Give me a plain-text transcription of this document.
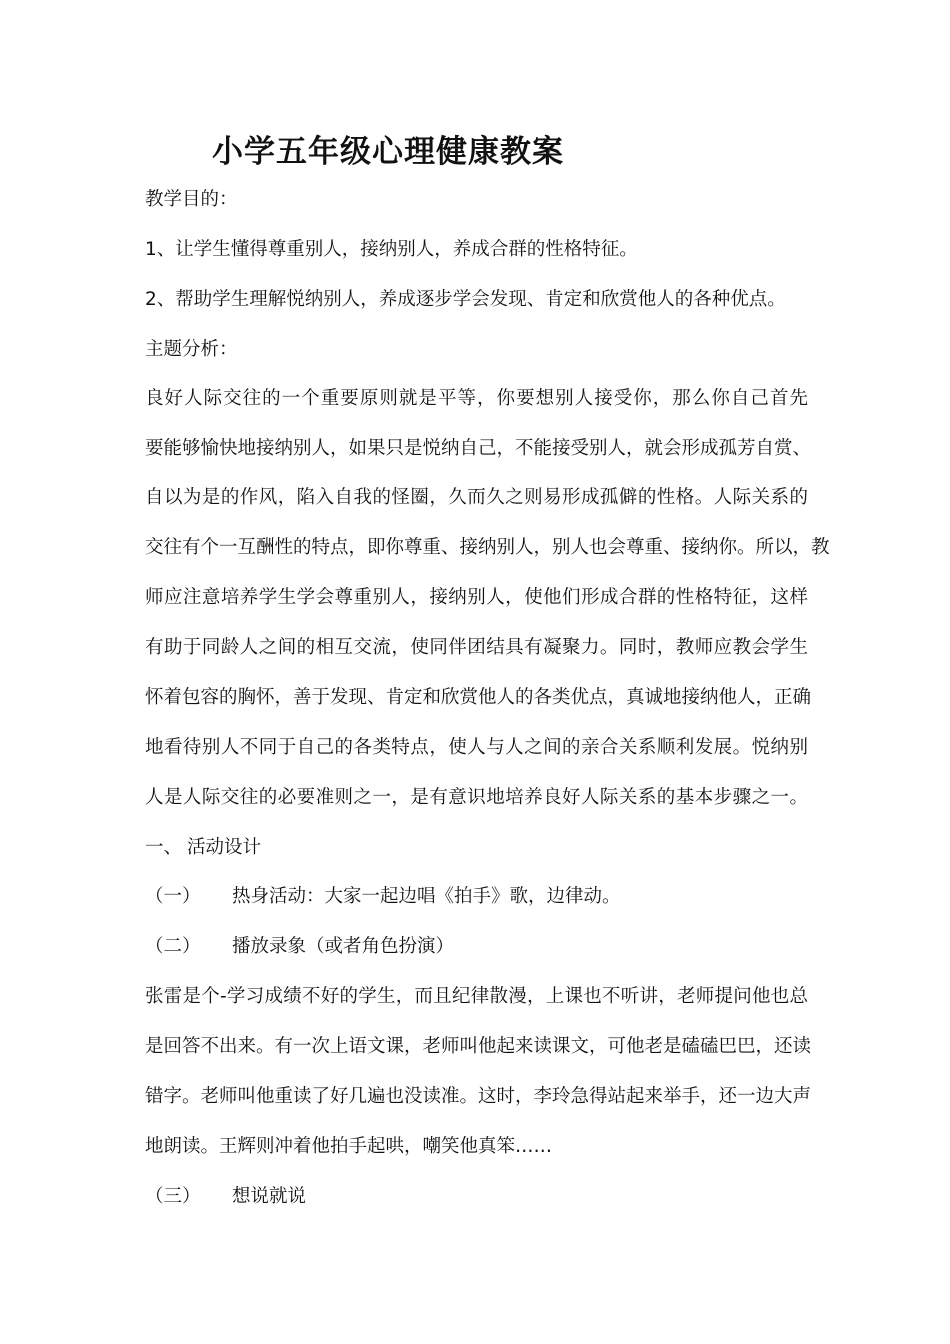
小学五年级心理健康教案
教学目的：
1、让学生懂得尊重别人，接纳别人，养成合群的性格特征。
2、帮助学生理解悦纳别人，养成逐步学会发现、肯定和欣赏他人的各种优点。
主题分析：
良好人际交往的一个重要原则就是平等，你要想别人接受你，那么你自己首先
要能够愉快地接纳别人，如果只是悦纳自己，不能接受别人，就会形成孤芳自赏、
自以为是的作风，陷入自我的怪圈，久而久之则易形成孤僻的性格。人际关系的
交往有个一互酬性的特点，即你尊重、接纳别人，别人也会尊重、接纳你。所以，教
师应注意培养学生学会尊重别人，接纳别人，使他们形成合群的性格特征，这样
有助于同龄人之间的相互交流，使同伴团结具有凝聚力。同时，教师应教会学生
怀着包容的胸怀，善于发现、肯定和欣赏他人的各类优点，真诚地接纳他人，正确
地看待别人不同于自己的各类特点，使人与人之间的亲合关系顺利发展。悦纳别
人是人际交往的必要准则之一，是有意识地培养良好人际关系的基本步骤之一。
一、 活动设计
（一） 热身活动：大家一起边唱《拍手》歌，边律动。
（二） 播放录象（或者角色扮演）
张雷是个-学习成绩不好的学生，而且纪律散漫，上课也不听讲，老师提问他也总
是回答不出来。有一次上语文课，老师叫他起来读课文，可他老是磕磕巴巴，还读
错字。老师叫他重读了好几遍也没读准。这时，李玲急得站起来举手，还一边大声
地朗读。王辉则冲着他拍手起哄，嘲笑他真笨……
（三） 想说就说
